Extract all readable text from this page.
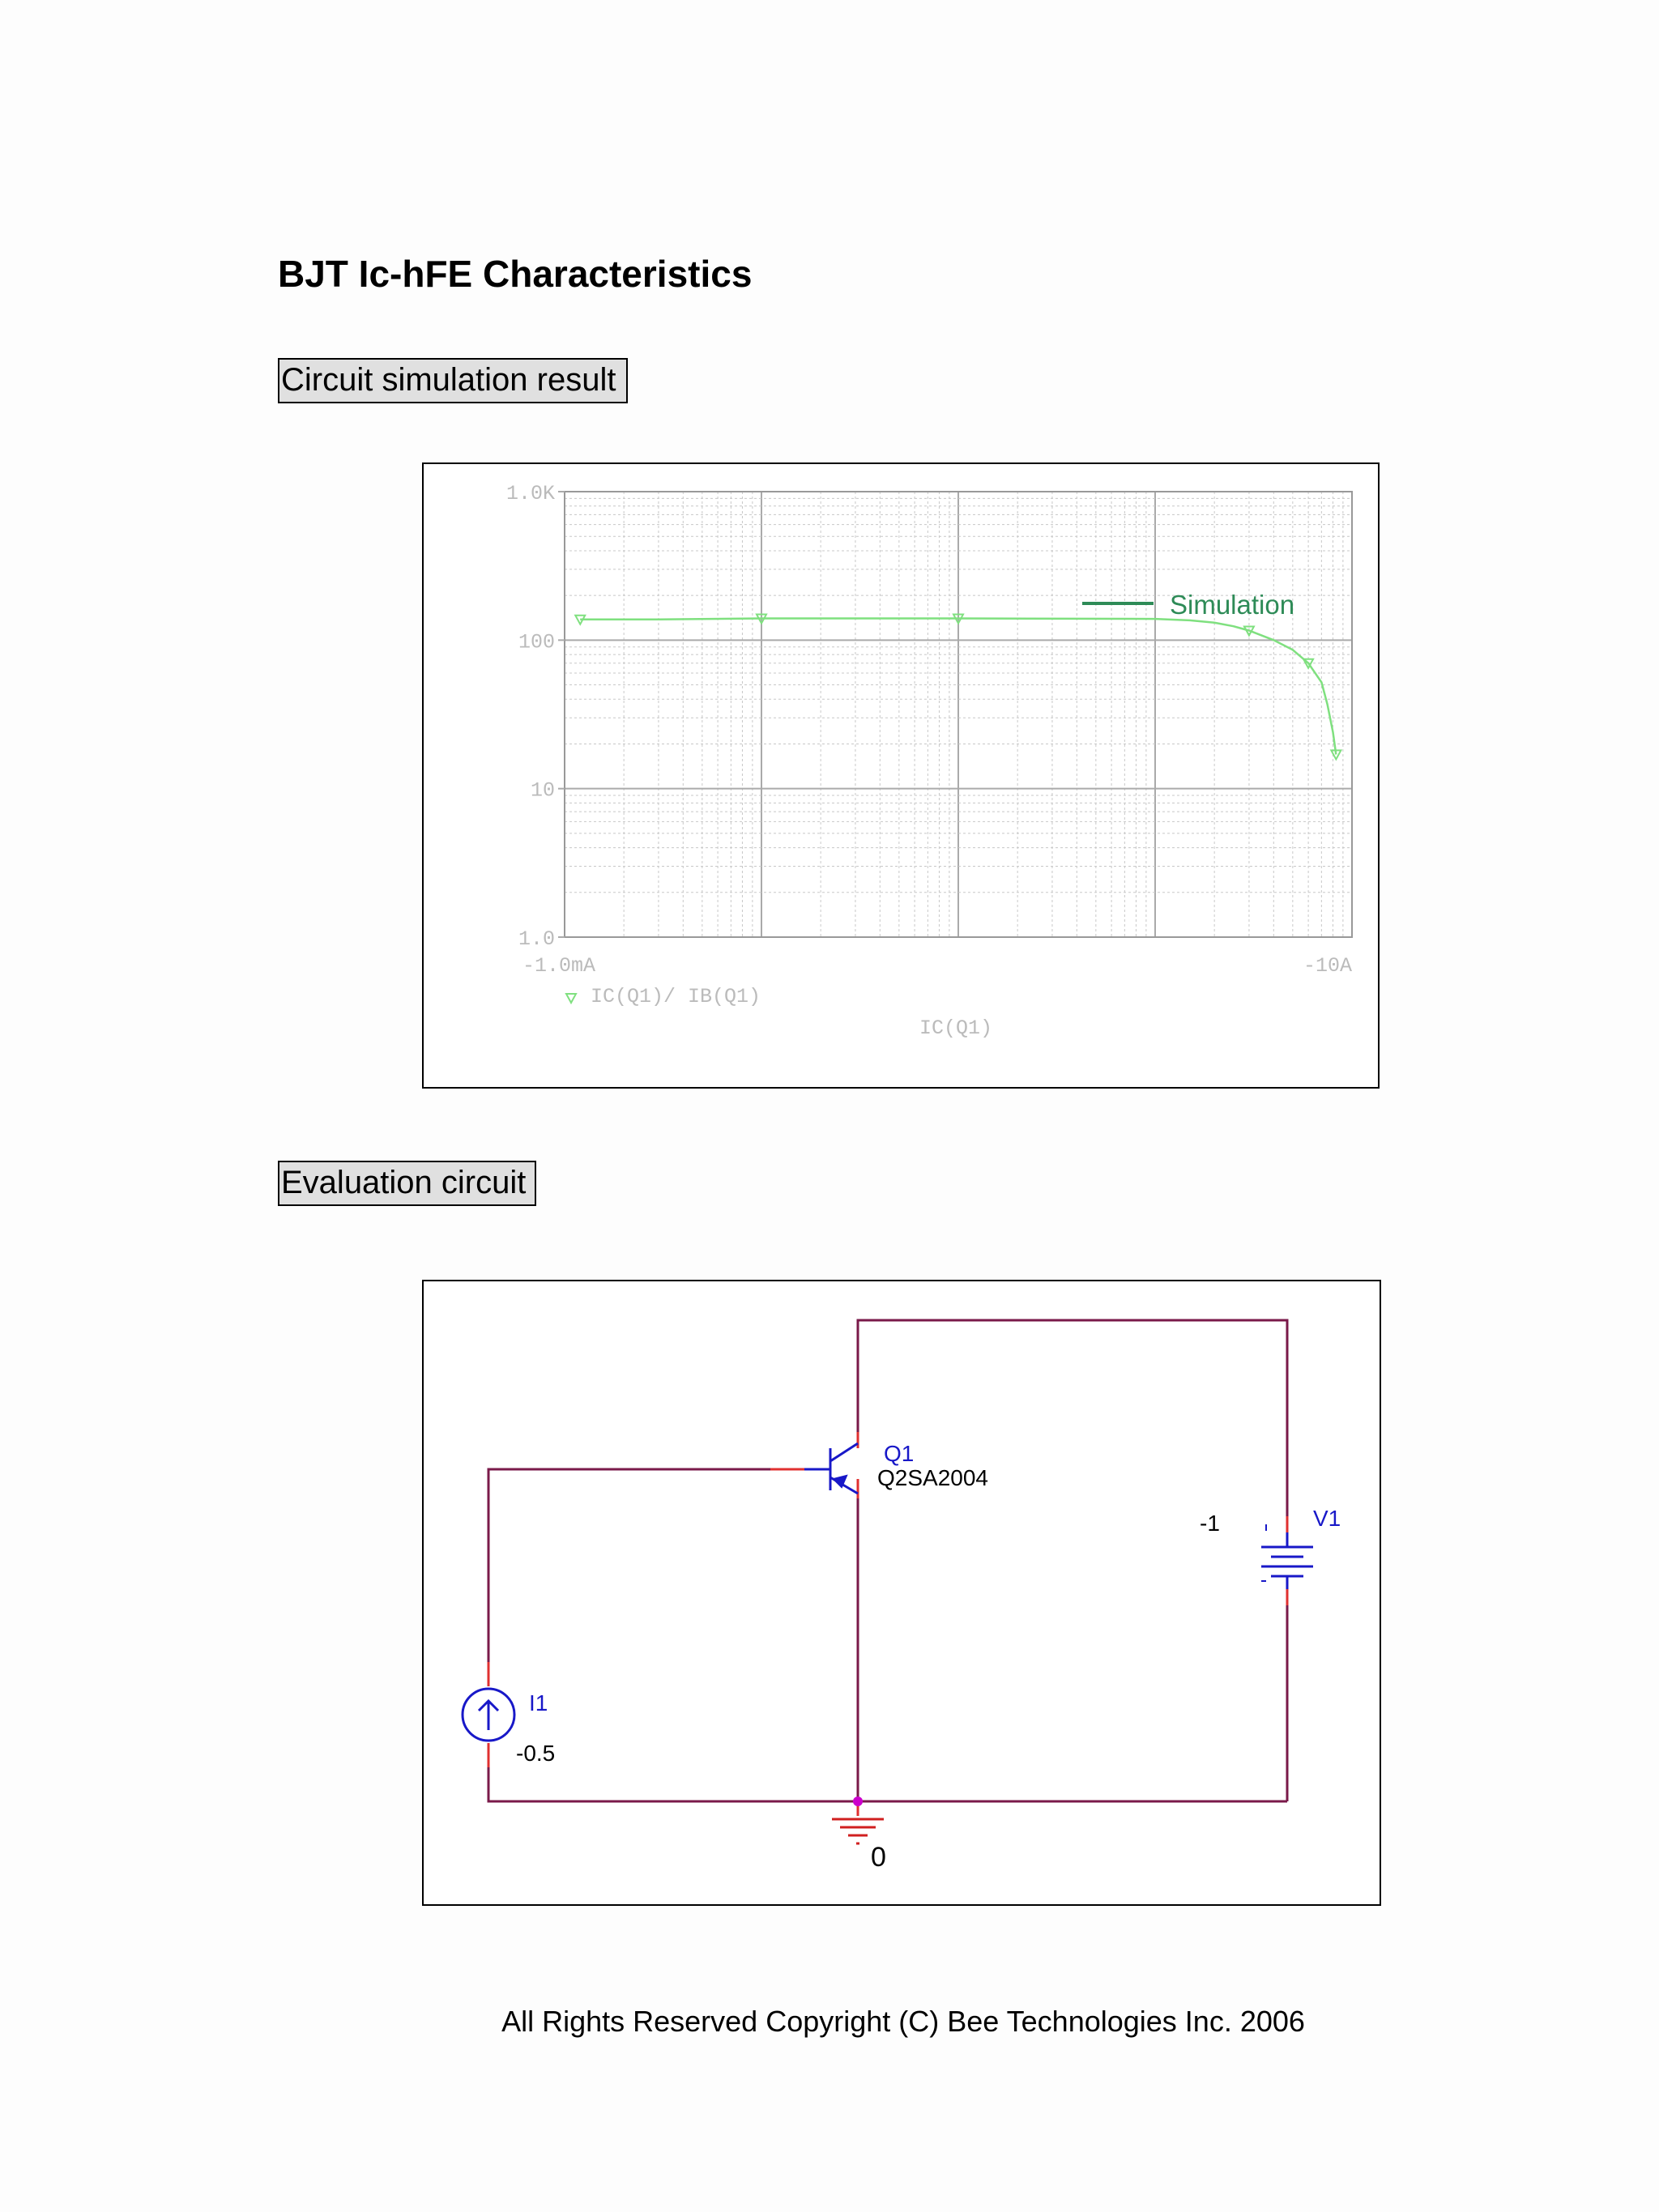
BJT Ic-hFE Characteristics
Circuit simulation result
1.0K
100
10
1.0
-1.0mA	-10A
Simulation
IC(Q1)/ IB(Q1)
IC(Q1)
Evaluation circuit
Q1
Q2SA2004
I1
-0.5
V1
-1
0
All Rights Reserved Copyright (C) Bee Technologies Inc. 2006
